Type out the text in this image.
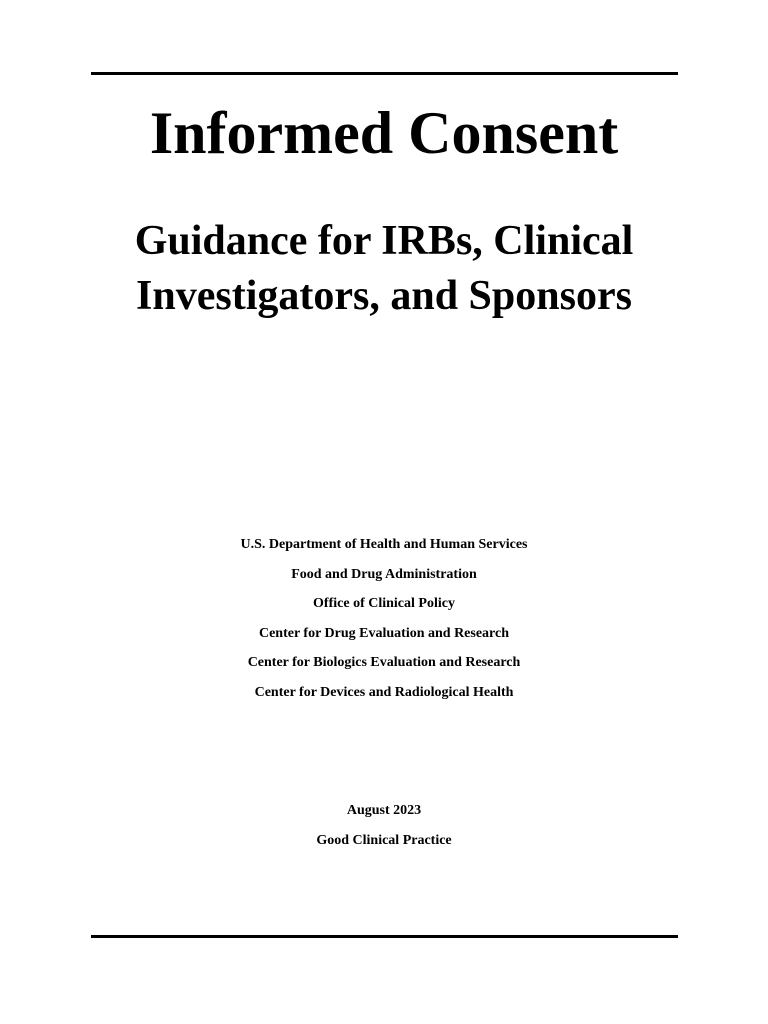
Informed Consent
Guidance for IRBs, Clinical
Investigators, and Sponsors
U.S. Department of Health and Human Services
Food and Drug Administration
Office of Clinical Policy
Center for Drug Evaluation and Research
Center for Biologics Evaluation and Research
Center for Devices and Radiological Health
August 2023
Good Clinical Practice
